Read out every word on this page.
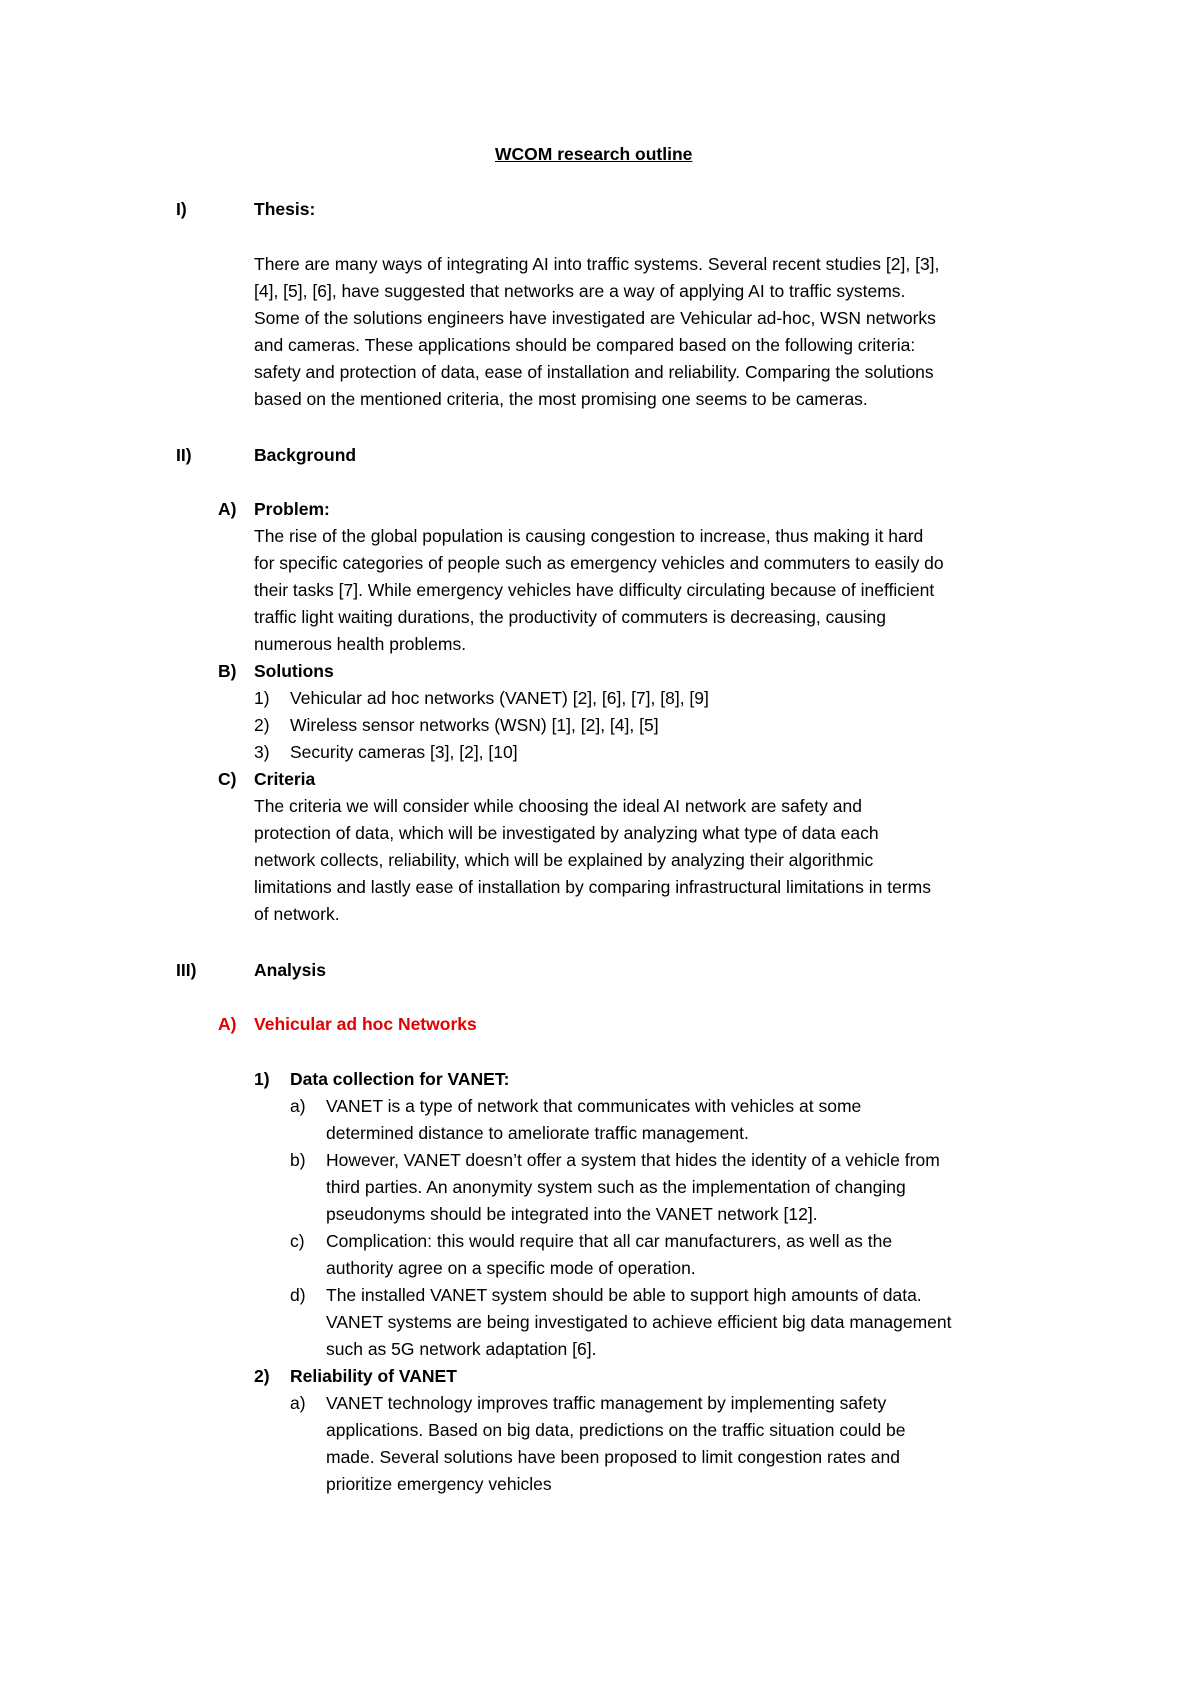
WCOM research outline
I)	Thesis:
There are many ways of integrating AI into traffic systems. Several recent studies [2], [3],
[4], [5], [6], have suggested that networks are a way of applying AI to traffic systems.
Some of the solutions engineers have investigated are Vehicular ad-hoc, WSN networks
and cameras. These applications should be compared based on the following criteria:
safety and protection of data, ease of installation and reliability. Comparing the solutions
based on the mentioned criteria, the most promising one seems to be cameras.
II)	Background
A) Problem:
The rise of the global population is causing congestion to increase, thus making it hard
for specific categories of people such as emergency vehicles and commuters to easily do
their tasks [7]. While emergency vehicles have difficulty circulating because of inefficient
traffic light waiting durations, the productivity of commuters is decreasing, causing
numerous health problems.
B) Solutions
1) Vehicular ad hoc networks (VANET) [2], [6], [7], [8], [9]
2) Wireless sensor networks (WSN) [1], [2], [4], [5]
3) Security cameras [3], [2], [10]
C) Criteria
The criteria we will consider while choosing the ideal AI network are safety and
protection of data, which will be investigated by analyzing what type of data each
network collects, reliability, which will be explained by analyzing their algorithmic
limitations and lastly ease of installation by comparing infrastructural limitations in terms
of network.
III)	Analysis
A) Vehicular ad hoc Networks
1) Data collection for VANET:
a) VANET is a type of network that communicates with vehicles at some
determined distance to ameliorate traffic management.
b) However, VANET doesn’t offer a system that hides the identity of a vehicle from
third parties. An anonymity system such as the implementation of changing
pseudonyms should be integrated into the VANET network [12].
c) Complication: this would require that all car manufacturers, as well as the
authority agree on a specific mode of operation.
d) The installed VANET system should be able to support high amounts of data.
VANET systems are being investigated to achieve efficient big data management
such as 5G network adaptation [6].
2) Reliability of VANET
a) VANET technology improves traffic management by implementing safety
applications. Based on big data, predictions on the traffic situation could be
made. Several solutions have been proposed to limit congestion rates and
prioritize emergency vehicles
